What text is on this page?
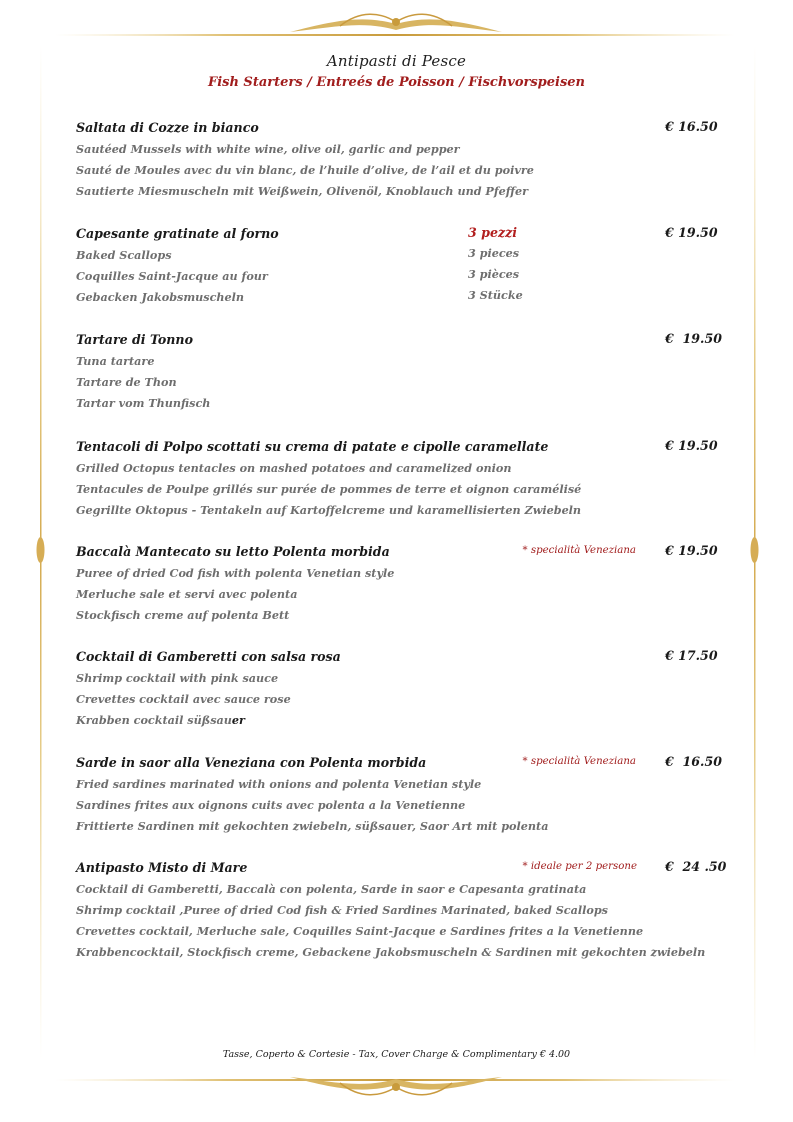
Antipasti di Pesce
Fish Starters / Entreés de Poisson / Fischvorspeisen
Saltata di Cozze in bianco	€ 16.50
Sautéed Mussels with white wine, olive oil, garlic and pepper
Sauté de Moules avec du vin blanc, de l’huile d’olive, de l’ail et du poivre
Sautierte Miesmuscheln mit Weißwein, Olivenöl, Knoblauch und Pfeffer
Capesante gratinate al forno	3 pezzi	€ 19.50
Baked Scallops	3 pieces
Coquilles Saint-Jacque au four	3 pièces
Gebacken Jakobsmuscheln	3 Stücke
Tartare di Tonno	€  19.50
Tuna tartare
Tartare de Thon
Tartar vom Thunfisch
Tentacoli di Polpo scottati su crema di patate e cipolle caramellate	€ 19.50
Grilled Octopus tentacles on mashed potatoes and caramelized onion
Tentacules de Poulpe grillés sur purée de pommes de terre et oignon caramélisé
Gegrillte Oktopus - Tentakeln auf Kartoffelcreme und karamellisierten Zwiebeln
Baccalà Mantecato su letto Polenta morbida	* specialità Veneziana € 19.50
Puree of dried Cod fish with polenta Venetian style
Merluche sale et servi avec polenta
Stockfisch creme auf polenta Bett
Cocktail di Gamberetti con salsa rosa	€ 17.50
Shrimp cocktail with pink sauce
Crevettes cocktail avec sauce rose
Krabben cocktail süßsauer
Sarde in saor alla Veneziana con Polenta morbida	* specialità Veneziana €  16.50
Fried sardines marinated with onions and polenta Venetian style
Sardines frites aux oignons cuits avec polenta a la Venetienne
Frittierte Sardinen mit gekochten zwiebeln, süßsauer, Saor Art mit polenta
Antipasto Misto di Mare	* ideale per 2 persone €  24 .50
Cocktail di Gamberetti, Baccalà con polenta, Sarde in saor e Capesanta gratinata
Shrimp cocktail ,Puree of dried Cod fish & Fried Sardines Marinated, baked Scallops
Crevettes cocktail, Merluche sale, Coquilles Saint-Jacque e Sardines frites a la Venetienne
Krabbencocktail, Stockfisch creme, Gebackene Jakobsmuscheln & Sardinen mit gekochten zwiebeln
Tasse, Coperto & Cortesie - Tax, Cover Charge & Complimentary € 4.00
